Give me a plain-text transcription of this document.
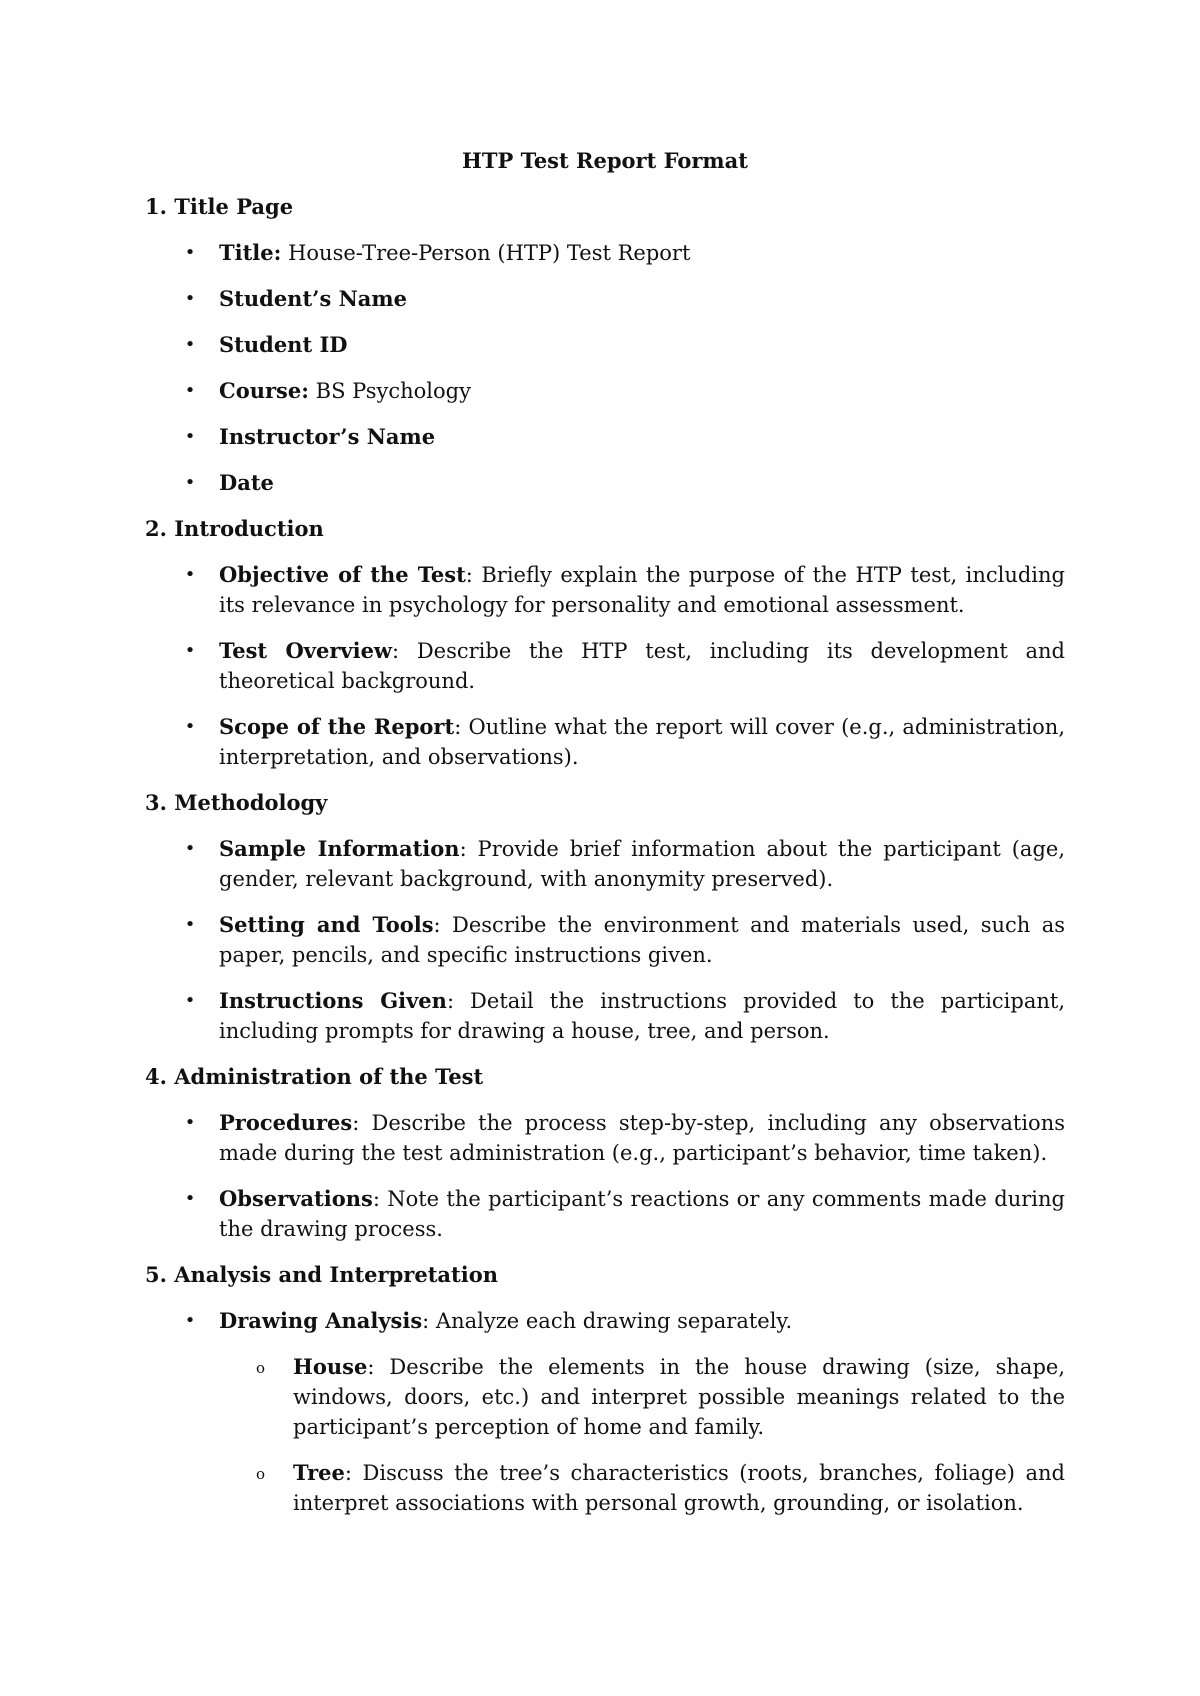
HTP Test Report Format
1. Title Page
• Title: House-Tree-Person (HTP) Test Report
• Student’s Name
• Student ID
• Course: BS Psychology
• Instructor’s Name
• Date
2. Introduction
• Objective of the Test: Briefly explain the purpose of the HTP test, including its relevance in psychology for personality and emotional assessment.
• Test Overview: Describe the HTP test, including its development and theoretical background.
• Scope of the Report: Outline what the report will cover (e.g., administration, interpretation, and observations).
3. Methodology
• Sample Information: Provide brief information about the participant (age, gender, relevant background, with anonymity preserved).
• Setting and Tools: Describe the environment and materials used, such as paper, pencils, and specific instructions given.
• Instructions Given: Detail the instructions provided to the participant, including prompts for drawing a house, tree, and person.
4. Administration of the Test
• Procedures: Describe the process step-by-step, including any observations made during the test administration (e.g., participant’s behavior, time taken).
• Observations: Note the participant’s reactions or any comments made during the drawing process.
5. Analysis and Interpretation
• Drawing Analysis: Analyze each drawing separately.
o House: Describe the elements in the house drawing (size, shape, windows, doors, etc.) and interpret possible meanings related to the participant’s perception of home and family.
o Tree: Discuss the tree’s characteristics (roots, branches, foliage) and interpret associations with personal growth, grounding, or isolation.
